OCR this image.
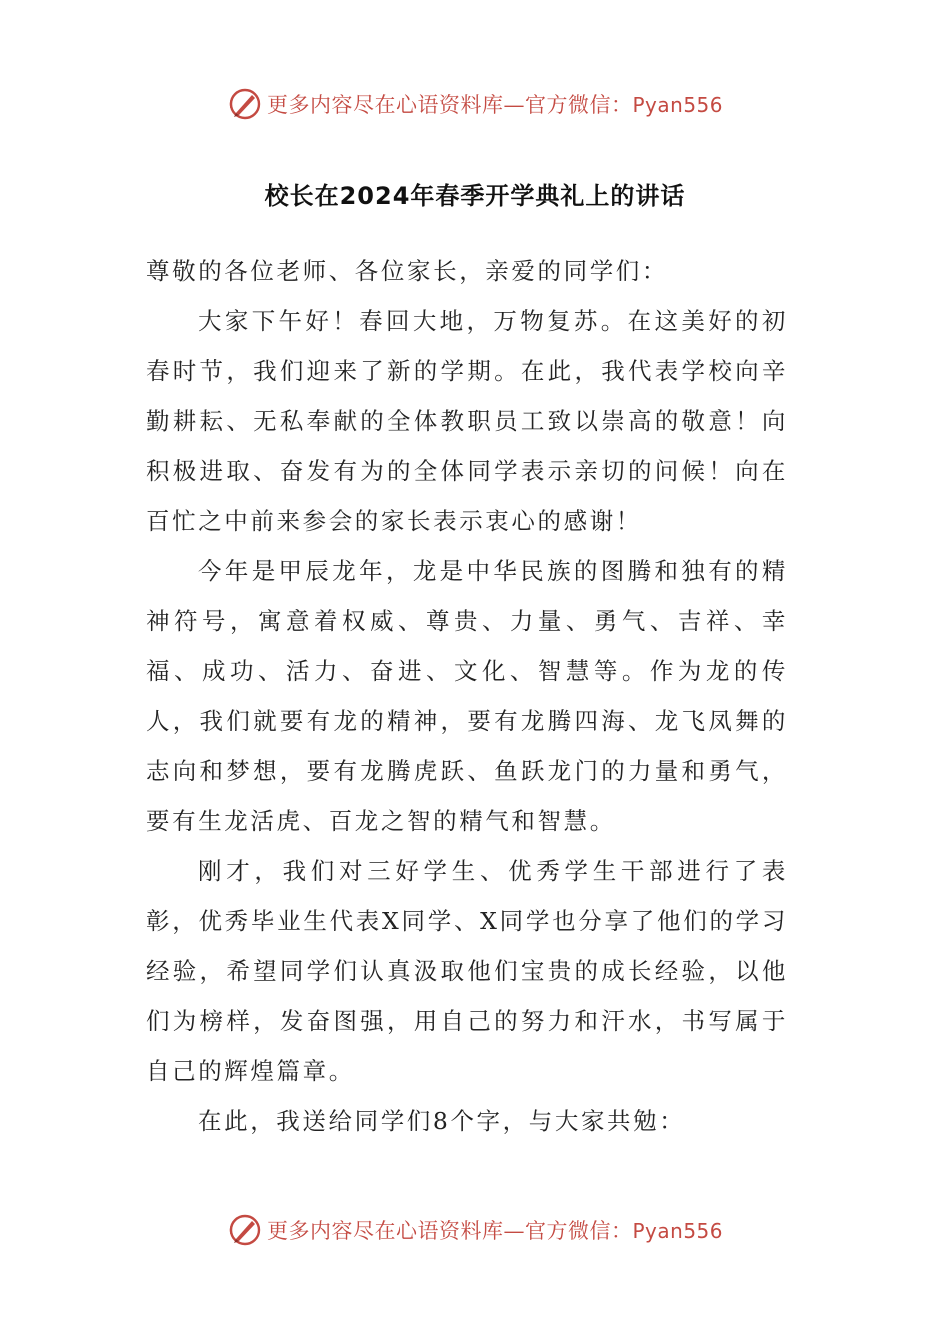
更多内容尽在心语资料库—官方微信：Pyan556
校长在2024年春季开学典礼上的讲话

尊敬的各位老师、各位家长，亲爱的同学们：

大家下午好！春回大地，万物复苏。在这美好的初春时节，我们迎来了新的学期。在此，我代表学校向辛勤耕耘、无私奉献的全体教职员工致以崇高的敬意！向积极进取、奋发有为的全体同学表示亲切的问候！向在百忙之中前来参会的家长表示衷心的感谢！

今年是甲辰龙年，龙是中华民族的图腾和独有的精神符号，寓意着权威、尊贵、力量、勇气、吉祥、幸福、成功、活力、奋进、文化、智慧等。作为龙的传人，我们就要有龙的精神，要有龙腾四海、龙飞凤舞的志向和梦想，要有龙腾虎跃、鱼跃龙门的力量和勇气，要有生龙活虎、百龙之智的精气和智慧。

刚才，我们对三好学生、优秀学生干部进行了表彰，优秀毕业生代表X同学、X同学也分享了他们的学习经验，希望同学们认真汲取他们宝贵的成长经验，以他们为榜样，发奋图强，用自己的努力和汗水，书写属于自己的辉煌篇章。

在此，我送给同学们8个字，与大家共勉：

更多内容尽在心语资料库—官方微信：Pyan556
